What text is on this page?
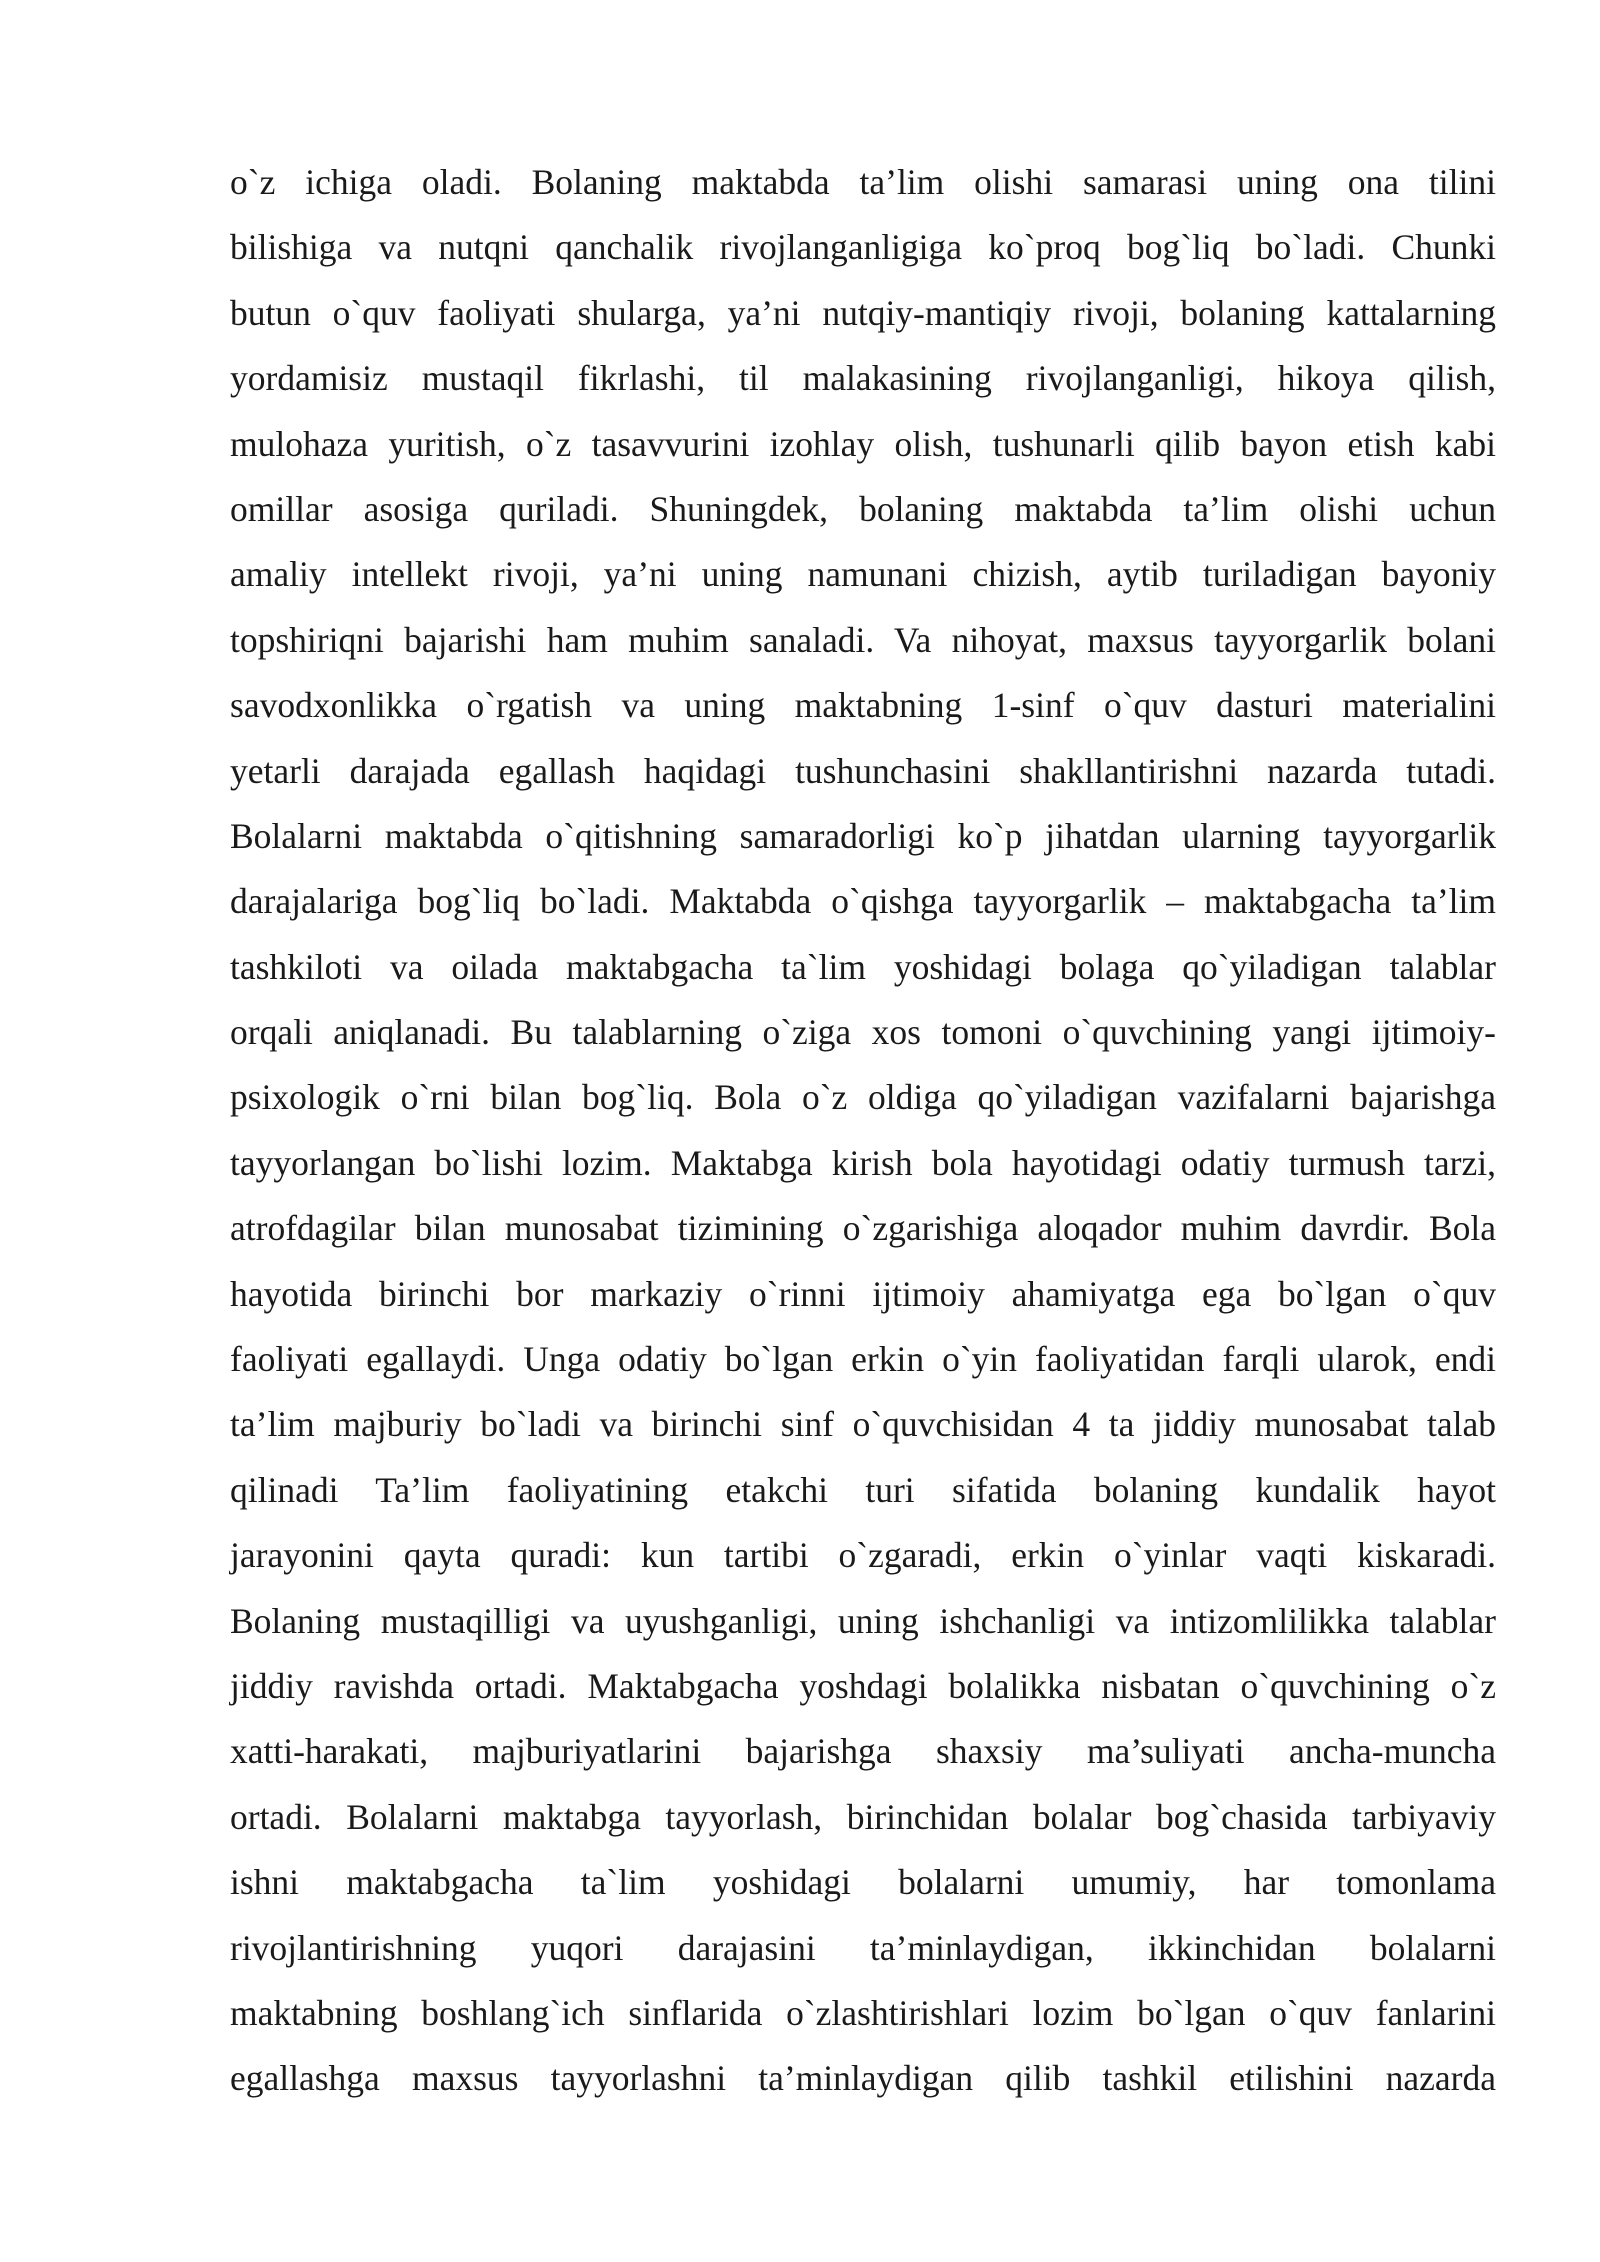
o`z ichiga oladi. Bolaning maktabda ta’lim olishi samarasi uning ona tilini
bilishiga va nutqni qanchalik rivojlanganligiga ko`proq bog`liq bo`ladi. Chunki
butun o`quv faoliyati shularga, ya’ni nutqiy-mantiqiy rivoji, bolaning kattalarning
yordamisiz mustaqil fikrlashi, til malakasining rivojlanganligi, hikoya qilish,
mulohaza yuritish, o`z tasavvurini izohlay olish, tushunarli qilib bayon etish kabi
omillar asosiga quriladi. Shuningdek, bolaning maktabda ta’lim olishi uchun
amaliy intellekt rivoji, ya’ni uning namunani chizish, aytib turiladigan bayoniy
topshiriqni bajarishi ham muhim sanaladi. Va nihoyat, maxsus tayyorgarlik bolani
savodxonlikka o`rgatish va uning maktabning 1-sinf o`quv dasturi materialini
yetarli darajada egallash haqidagi tushunchasini shakllantirishni nazarda tutadi.
Bolalarni maktabda o`qitishning samaradorligi ko`p jihatdan ularning tayyorgarlik
darajalariga bog`liq bo`ladi. Maktabda o`qishga tayyorgarlik – maktabgacha ta’lim
tashkiloti va oilada maktabgacha ta`lim yoshidagi bolaga qo`yiladigan talablar
orqali aniqlanadi. Bu talablarning o`ziga xos tomoni o`quvchining yangi ijtimoiy-
psixologik o`rni bilan bog`liq. Bola o`z oldiga qo`yiladigan vazifalarni bajarishga
tayyorlangan bo`lishi lozim. Maktabga kirish bola hayotidagi odatiy turmush tarzi,
atrofdagilar bilan munosabat tizimining o`zgarishiga aloqador muhim davrdir. Bola
hayotida birinchi bor markaziy o`rinni ijtimoiy ahamiyatga ega bo`lgan o`quv
faoliyati egallaydi. Unga odatiy bo`lgan erkin o`yin faoliyatidan farqli ularok, endi
ta’lim majburiy bo`ladi va birinchi sinf o`quvchisidan 4 ta jiddiy munosabat talab
qilinadi Ta’lim faoliyatining etakchi turi sifatida bolaning kundalik hayot
jarayonini qayta quradi: kun tartibi o`zgaradi, erkin o`yinlar vaqti kiskaradi.
Bolaning mustaqilligi va uyushganligi, uning ishchanligi va intizomlilikka talablar
jiddiy ravishda ortadi. Maktabgacha yoshdagi bolalikka nisbatan o`quvchining o`z
xatti-harakati, majburiyatlarini bajarishga shaxsiy ma’suliyati ancha-muncha
ortadi. Bolalarni maktabga tayyorlash, birinchidan bolalar bog`chasida tarbiyaviy
ishni maktabgacha ta`lim yoshidagi bolalarni umumiy, har tomonlama
rivojlantirishning yuqori darajasini ta’minlaydigan, ikkinchidan bolalarni
maktabning boshlang`ich sinflarida o`zlashtirishlari lozim bo`lgan o`quv fanlarini
egallashga maxsus tayyorlashni ta’minlaydigan qilib tashkil etilishini nazarda
